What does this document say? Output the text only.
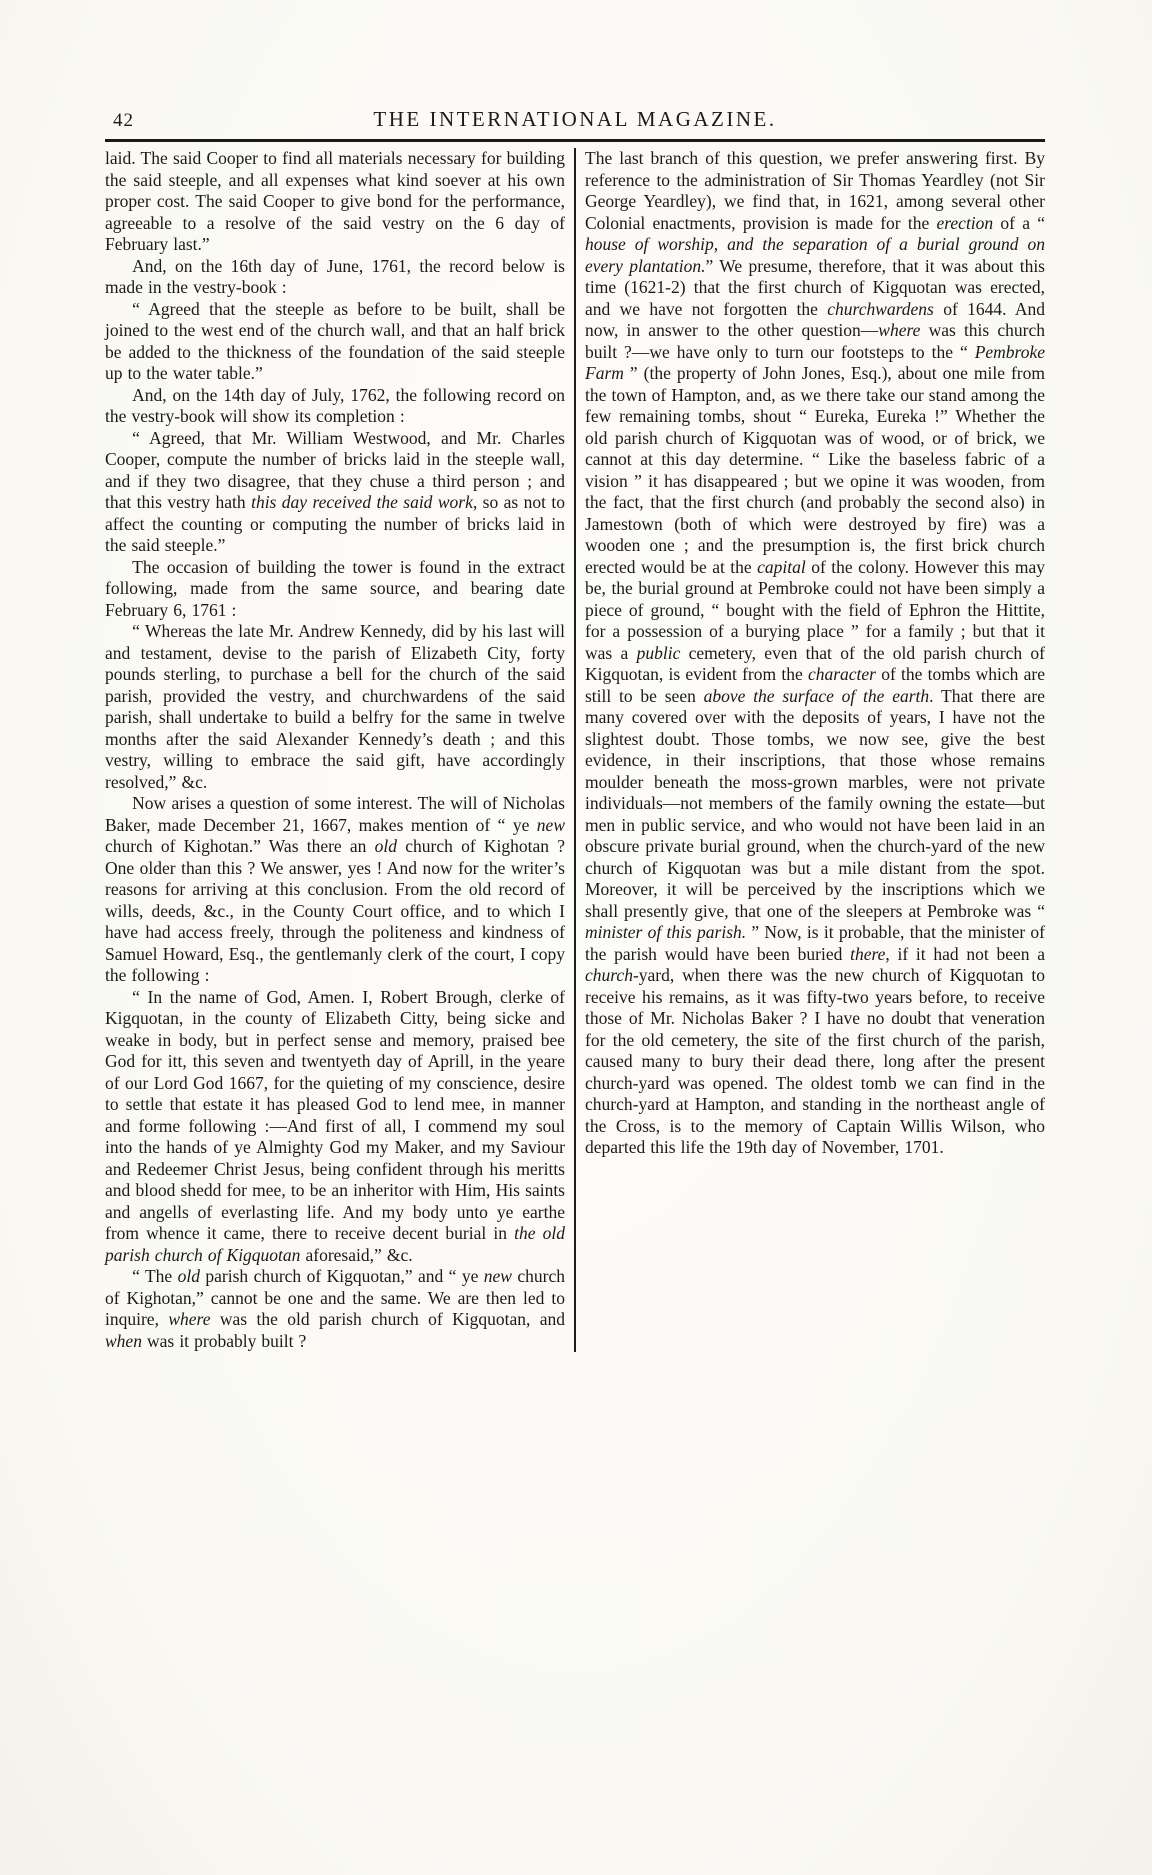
42	THE INTERNATIONAL MAGAZINE.

laid. The said Cooper to find all materials necessary for building the said steeple, and all expenses what kind soever at his own proper cost. The said Cooper to give bond for the performance, agreeable to a resolve of the said vestry on the 6 day of February last.”

And, on the 16th day of June, 1761, the record below is made in the vestry-book :

“ Agreed that the steeple as before to be built, shall be joined to the west end of the church wall, and that an half brick be added to the thickness of the foundation of the said steeple up to the water table.”

And, on the 14th day of July, 1762, the following record on the vestry-book will show its completion :

“ Agreed, that Mr. William Westwood, and Mr. Charles Cooper, compute the number of bricks laid in the steeple wall, and if they two disagree, that they chuse a third person ; and that this vestry hath this day received the said work, so as not to affect the counting or computing the number of bricks laid in the said steeple.”

The occasion of building the tower is found in the extract following, made from the same source, and bearing date February 6, 1761 :

“ Whereas the late Mr. Andrew Kennedy, did by his last will and testament, devise to the parish of Elizabeth City, forty pounds sterling, to purchase a bell for the church of the said parish, provided the vestry, and churchwardens of the said parish, shall undertake to build a belfry for the same in twelve months after the said Alexander Kennedy’s death ; and this vestry, willing to embrace the said gift, have accordingly resolved,” &c.

Now arises a question of some interest. The will of Nicholas Baker, made December 21, 1667, makes mention of “ ye new church of Kighotan.” Was there an old church of Kighotan ? One older than this ? We answer, yes ! And now for the writer’s reasons for arriving at this conclusion. From the old record of wills, deeds, &c., in the County Court office, and to which I have had access freely, through the politeness and kindness of Samuel Howard, Esq., the gentlemanly clerk of the court, I copy the following :

“ In the name of God, Amen. I, Robert Brough, clerke of Kigquotan, in the county of Elizabeth Citty, being sicke and weake in body, but in perfect sense and memory, praised bee God for itt, this seven and twentyeth day of Aprill, in the yeare of our Lord God 1667, for the quieting of my conscience, desire to settle that estate it has pleased God to lend mee, in manner and forme following :—And first of all, I commend my soul into the hands of ye Almighty God my Maker, and my Saviour and Redeemer Christ Jesus, being confident through his meritts and blood shedd for mee, to be an inheritor with Him, His saints and angells of everlasting life. And my body unto ye earthe from whence it came, there to receive decent burial in the old parish church of Kigquotan aforesaid,” &c.

“ The old parish church of Kigquotan,” and “ ye new church of Kighotan,” cannot be one and the same. We are then led to inquire, where was the old parish church of Kigquotan, and when was it probably built ?

The last branch of this question, we prefer answering first. By reference to the administration of Sir Thomas Yeardley (not Sir George Yeardley), we find that, in 1621, among several other Colonial enactments, provision is made for the erection of a “ house of worship, and the separation of a burial ground on every plantation.” We presume, therefore, that it was about this time (1621-2) that the first church of Kigquotan was erected, and we have not forgotten the churchwardens of 1644. And now, in answer to the other question—where was this church built ?—we have only to turn our footsteps to the “ Pembroke Farm ” (the property of John Jones, Esq.), about one mile from the town of Hampton, and, as we there take our stand among the few remaining tombs, shout “ Eureka, Eureka !” Whether the old parish church of Kigquotan was of wood, or of brick, we cannot at this day determine. “ Like the baseless fabric of a vision ” it has disappeared ; but we opine it was wooden, from the fact, that the first church (and probably the second also) in Jamestown (both of which were destroyed by fire) was a wooden one ; and the presumption is, the first brick church erected would be at the capital of the colony. However this may be, the burial ground at Pembroke could not have been simply a piece of ground, “ bought with the field of Ephron the Hittite, for a possession of a burying place ” for a family ; but that it was a public cemetery, even that of the old parish church of Kigquotan, is evident from the character of the tombs which are still to be seen above the surface of the earth. That there are many covered over with the deposits of years, I have not the slightest doubt. Those tombs, we now see, give the best evidence, in their inscriptions, that those whose remains moulder beneath the moss-grown marbles, were not private individuals—not members of the family owning the estate—but men in public service, and who would not have been laid in an obscure private burial ground, when the church-yard of the new church of Kigquotan was but a mile distant from the spot. Moreover, it will be perceived by the inscriptions which we shall presently give, that one of the sleepers at Pembroke was “ minister of this parish. ” Now, is it probable, that the minister of the parish would have been buried there, if it had not been a church-yard, when there was the new church of Kigquotan to receive his remains, as it was fifty-two years before, to receive those of Mr. Nicholas Baker ? I have no doubt that veneration for the old cemetery, the site of the first church of the parish, caused many to bury their dead there, long after the present church-yard was opened. The oldest tomb we can find in the church-yard at Hampton, and standing in the northeast angle of the Cross, is to the memory of Captain Willis Wilson, who departed this life the 19th day of November, 1701.
